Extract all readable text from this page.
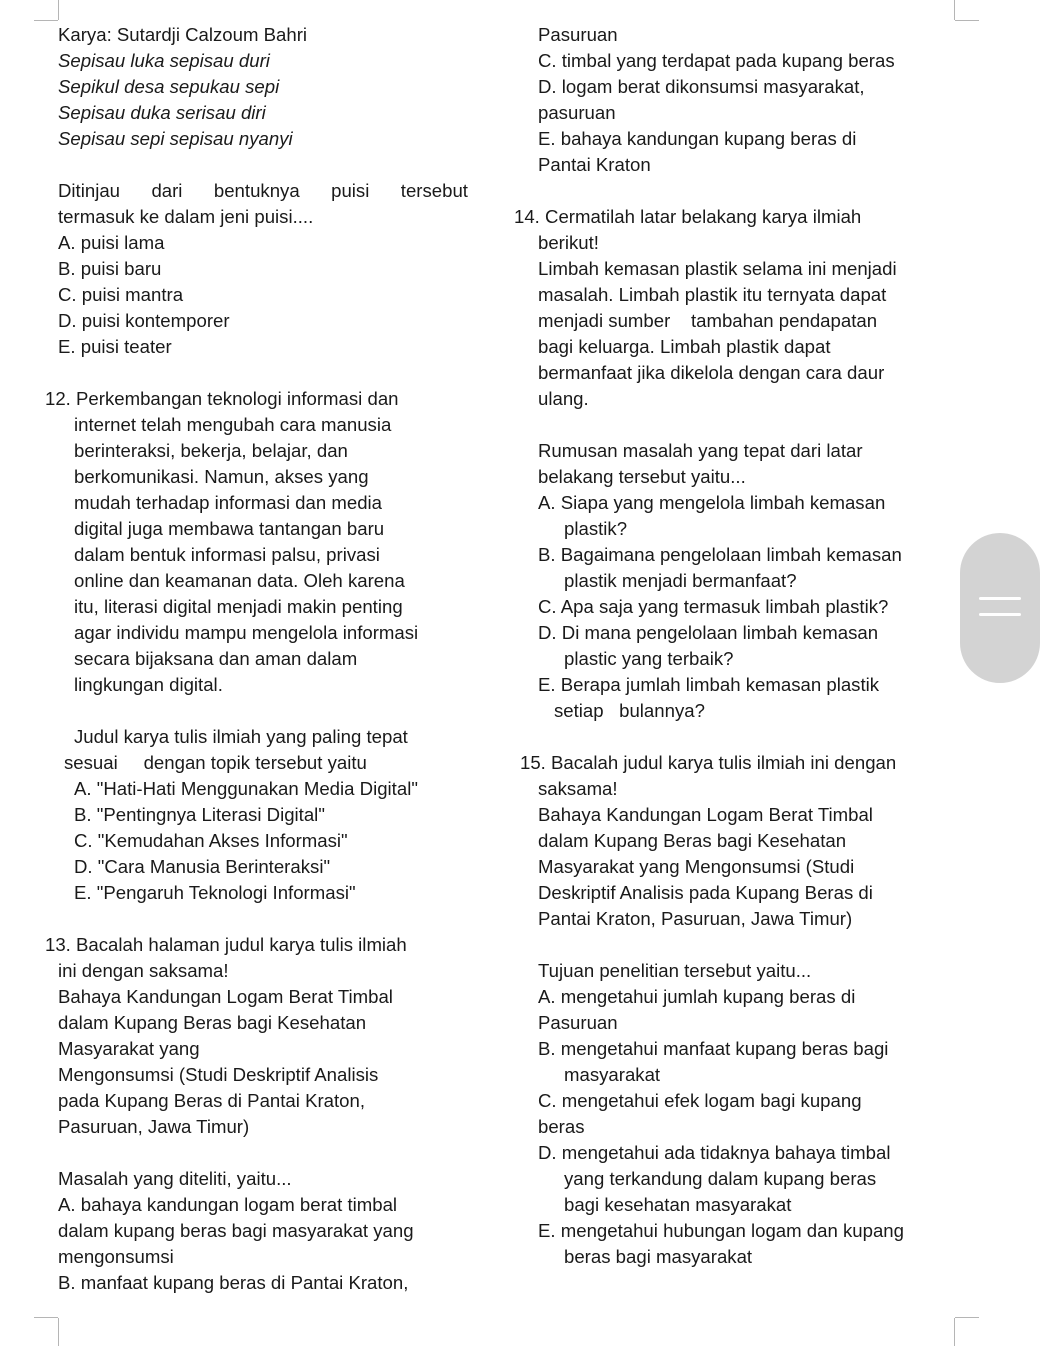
Karya: Sutardji Calzoum Bahri
Sepisau luka sepisau duri
Sepikul desa sepukau sepi
Sepisau duka serisau diri
Sepisau sepi sepisau nyanyi
Ditinjau dari bentuknya puisi tersebut
termasuk ke dalam jeni puisi....
A. puisi lama
B. puisi baru
C. puisi mantra
D. puisi kontemporer
E. puisi teater
12. Perkembangan teknologi informasi dan
internet telah mengubah cara manusia
berinteraksi, bekerja, belajar, dan
berkomunikasi. Namun, akses yang
mudah terhadap informasi dan media
digital juga membawa tantangan baru
dalam bentuk informasi palsu, privasi
online dan keamanan data. Oleh karena
itu, literasi digital menjadi makin penting
agar individu mampu mengelola informasi
secara bijaksana dan aman dalam
lingkungan digital.
Judul karya tulis ilmiah yang paling tepat
sesuai     dengan topik tersebut yaitu
A. "Hati-Hati Menggunakan Media Digital"
B. "Pentingnya Literasi Digital"
C. "Kemudahan Akses Informasi"
D. "Cara Manusia Berinteraksi"
E. "Pengaruh Teknologi Informasi"
13. Bacalah halaman judul karya tulis ilmiah
ini dengan saksama!
Bahaya Kandungan Logam Berat Timbal
dalam Kupang Beras bagi Kesehatan
Masyarakat yang
Mengonsumsi (Studi Deskriptif Analisis
pada Kupang Beras di Pantai Kraton,
Pasuruan, Jawa Timur)
Masalah yang diteliti, yaitu...
A. bahaya kandungan logam berat timbal
dalam kupang beras bagi masyarakat yang
mengonsumsi
B. manfaat kupang beras di Pantai Kraton,
Pasuruan
C. timbal yang terdapat pada kupang beras
D. logam berat dikonsumsi masyarakat,
pasuruan
E. bahaya kandungan kupang beras di
Pantai Kraton
14. Cermatilah latar belakang karya ilmiah
berikut!
Limbah kemasan plastik selama ini menjadi
masalah. Limbah plastik itu ternyata dapat
menjadi sumber    tambahan pendapatan
bagi keluarga. Limbah plastik dapat
bermanfaat jika dikelola dengan cara daur
ulang.
Rumusan masalah yang tepat dari latar
belakang tersebut yaitu...
A. Siapa yang mengelola limbah kemasan
plastik?
B. Bagaimana pengelolaan limbah kemasan
plastik menjadi bermanfaat?
C. Apa saja yang termasuk limbah plastik?
D. Di mana pengelolaan limbah kemasan
plastic yang terbaik?
E. Berapa jumlah limbah kemasan plastik
setiap   bulannya?
15. Bacalah judul karya tulis ilmiah ini dengan
saksama!
Bahaya Kandungan Logam Berat Timbal
dalam Kupang Beras bagi Kesehatan
Masyarakat yang Mengonsumsi (Studi
Deskriptif Analisis pada Kupang Beras di
Pantai Kraton, Pasuruan, Jawa Timur)
Tujuan penelitian tersebut yaitu...
A. mengetahui jumlah kupang beras di
Pasuruan
B. mengetahui manfaat kupang beras bagi
masyarakat
C. mengetahui efek logam bagi kupang
beras
D. mengetahui ada tidaknya bahaya timbal
yang terkandung dalam kupang beras
bagi kesehatan masyarakat
E. mengetahui hubungan logam dan kupang
beras bagi masyarakat
